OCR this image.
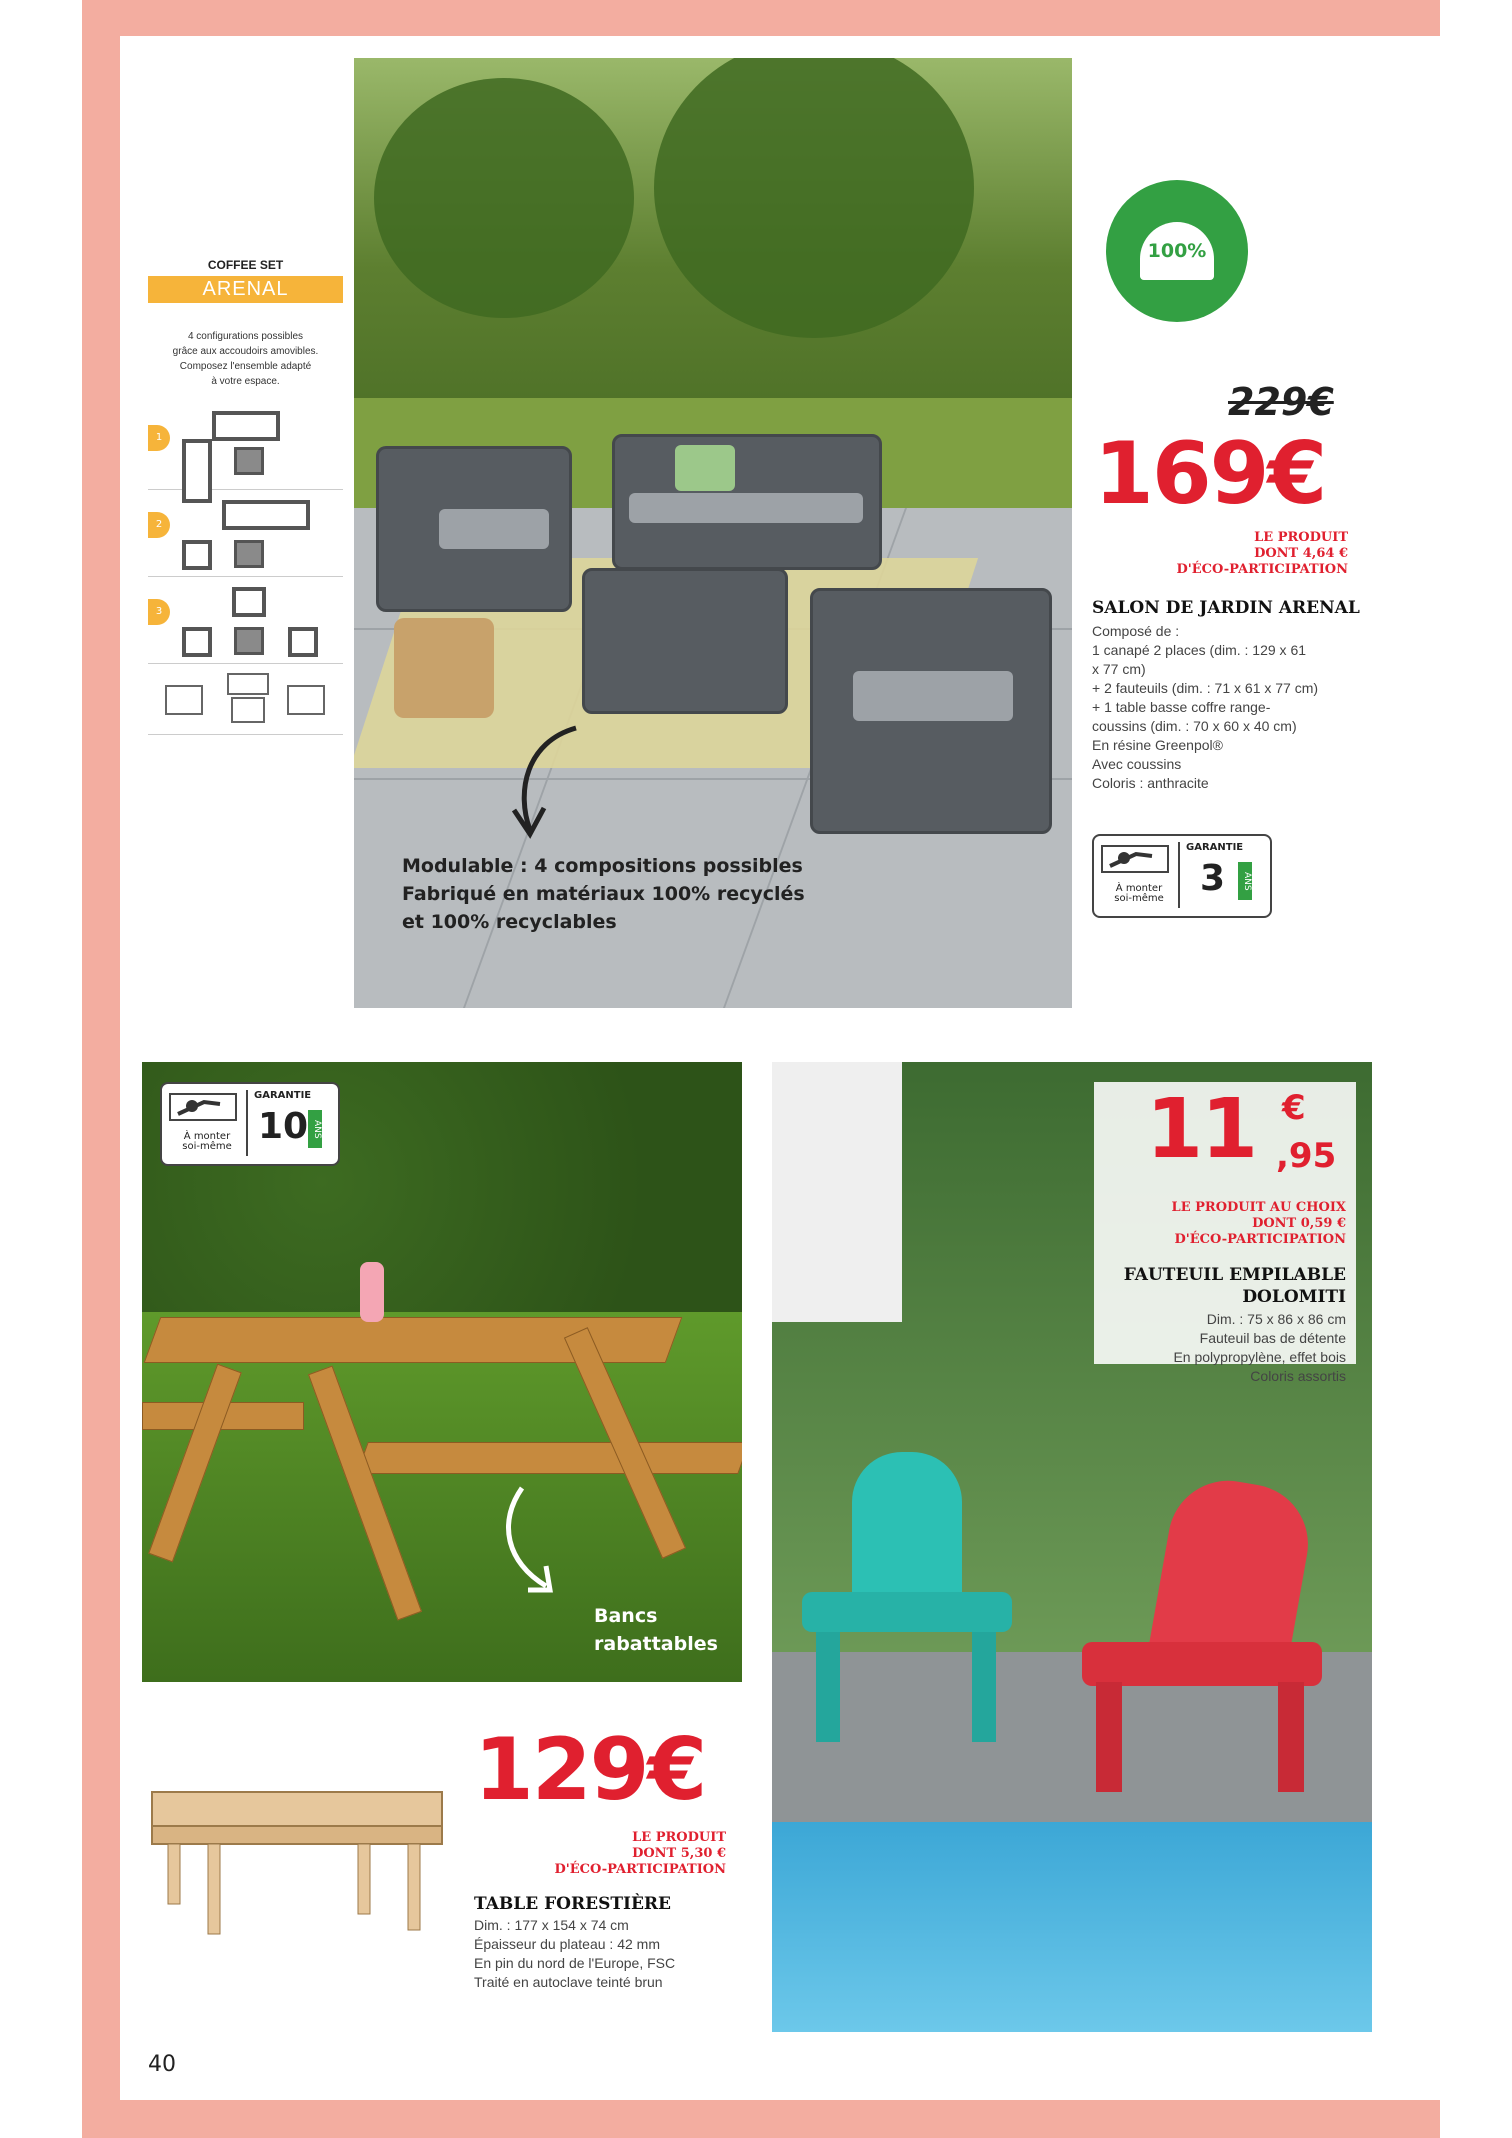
COFFEE SET
ARENAL
4 configurations possibles
grâce aux accoudoirs amovibles.
Composez l'ensemble adapté
à votre espace.
1
2
3
Modulable : 4 compositions possibles
Fabriqué en matériaux 100% recyclés
et 100% recyclables
100%
229€
169€
LE PRODUIT
DONT 4,64 €
D'ÉCO-PARTICIPATION
SALON DE JARDIN ARENAL
Composé de :
1 canapé 2 places (dim. : 129 x 61
x 77 cm)
+ 2 fauteuils (dim. : 71 x 61 x 77 cm)
+ 1 table basse coffre range-
coussins (dim. : 70 x 60 x 40 cm)
En résine Greenpol®
Avec coussins
Coloris : anthracite
À monter
soi-même
GARANTIE
3	ANS
À monter
soi-même
GARANTIE
10 ANS
Bancs
rabattables
129€
LE PRODUIT
DONT 5,30 €
D'ÉCO-PARTICIPATION
TABLE FORESTIÈRE
Dim. : 177 x 154 x 74 cm
Épaisseur du plateau : 42 mm
En pin du nord de l'Europe, FSC
Traité en autoclave teinté brun
11 €
,95
LE PRODUIT AU CHOIX
DONT 0,59 €
D'ÉCO-PARTICIPATION
FAUTEUIL EMPILABLE
DOLOMITI
Dim. : 75 x 86 x 86 cm
Fauteuil bas de détente
En polypropylène, effet bois
Coloris assortis
40
